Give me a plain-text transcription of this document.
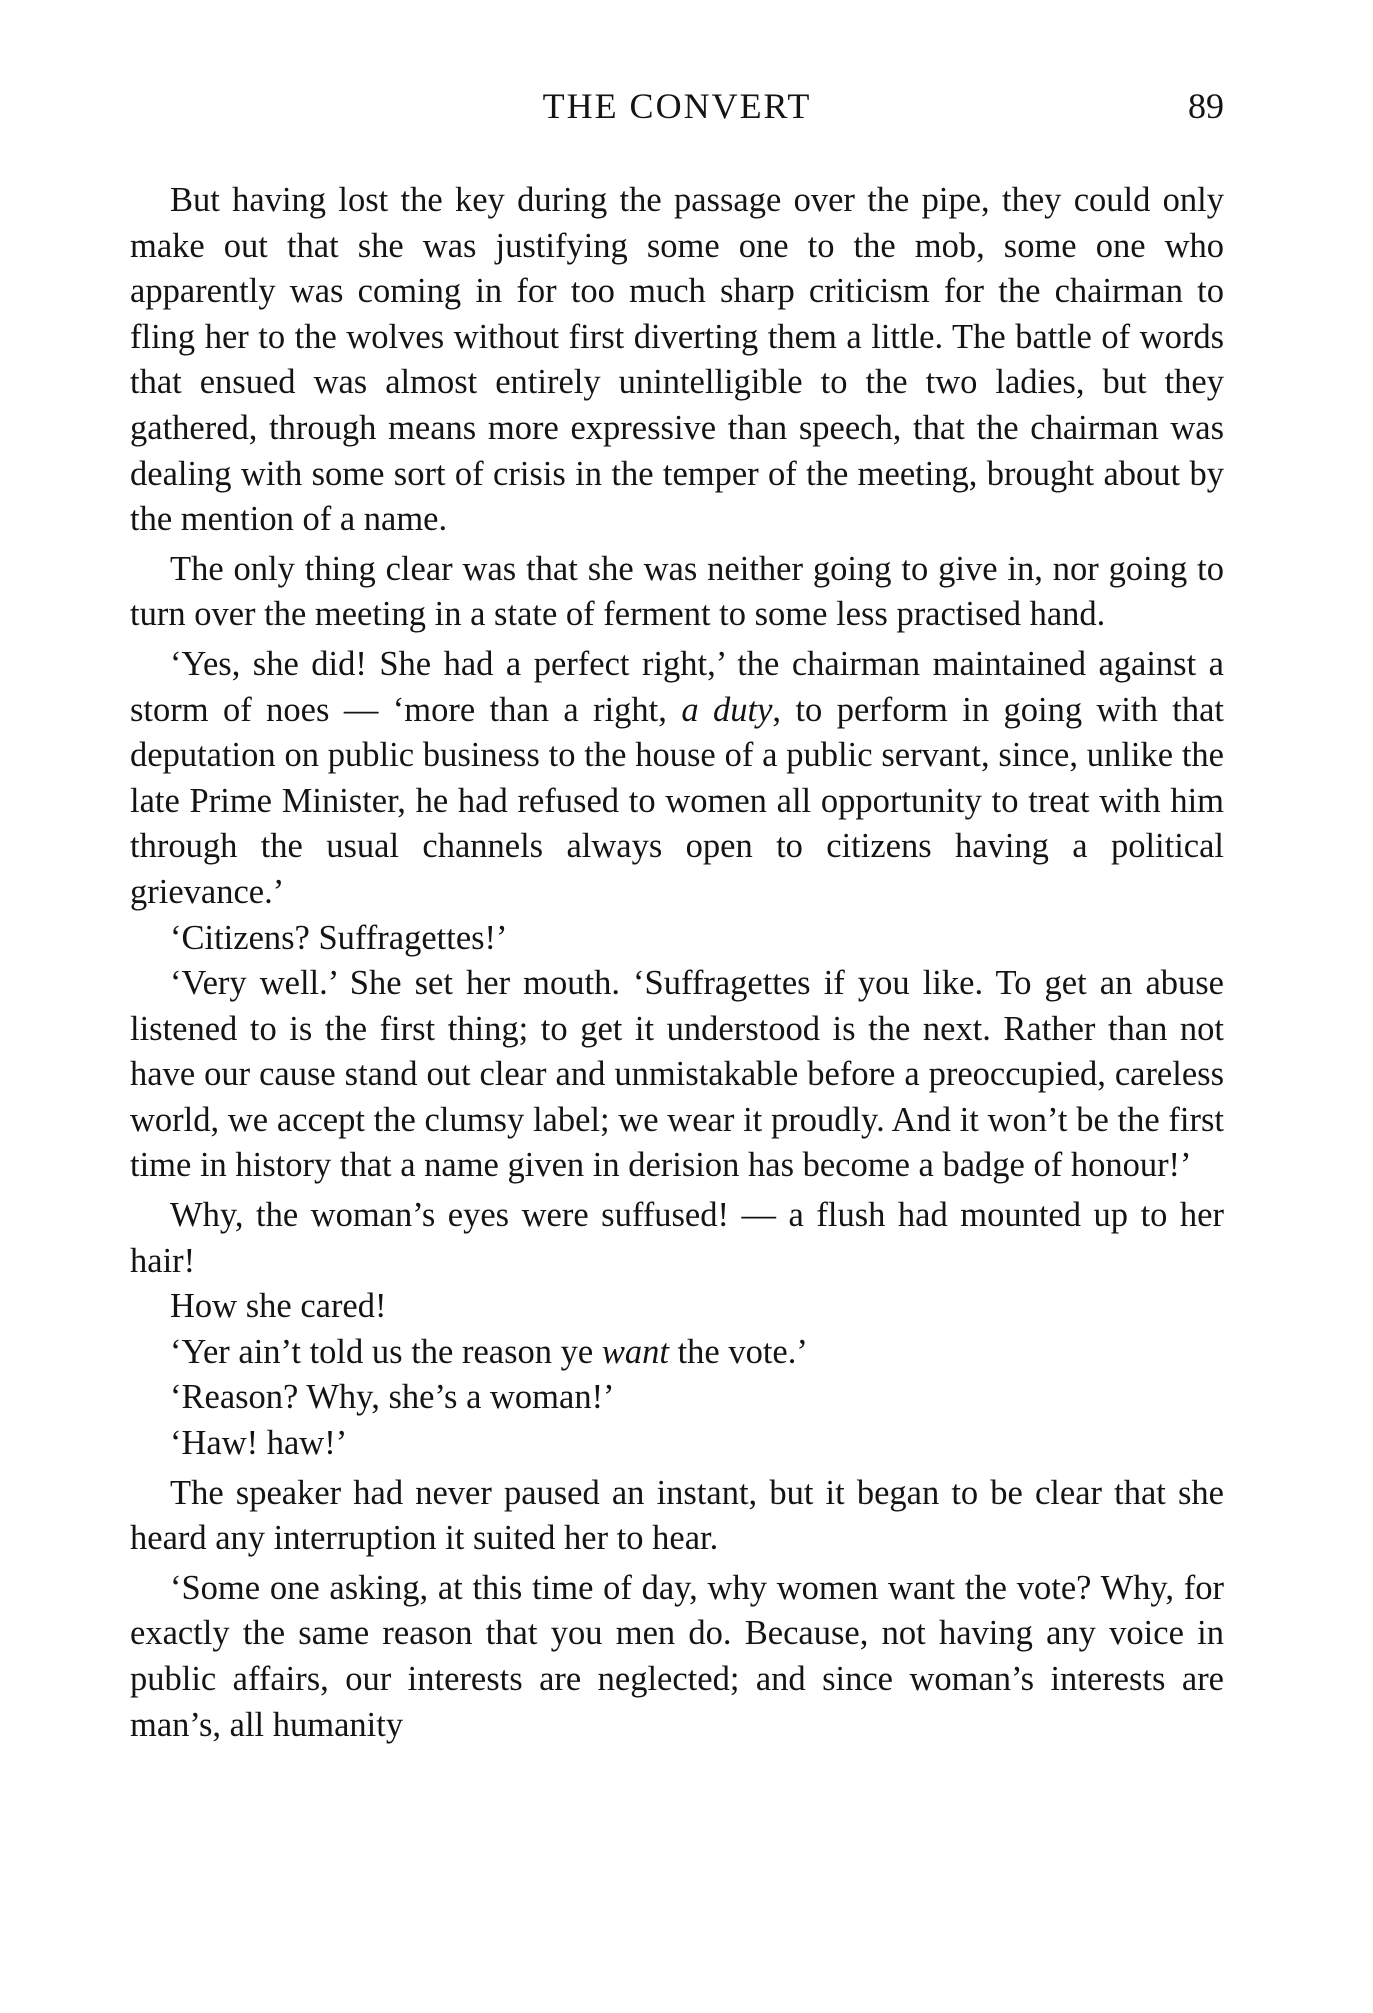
THE CONVERT	89

But having lost the key during the passage over the pipe, they could only make out that she was justifying some one to the mob, some one who apparently was coming in for too much sharp criticism for the chairman to fling her to the wolves without first diverting them a little. The battle of words that ensued was almost entirely unintelligible to the two ladies, but they gathered, through means more expressive than speech, that the chairman was dealing with some sort of crisis in the temper of the meeting, brought about by the mention of a name.

The only thing clear was that she was neither going to give in, nor going to turn over the meeting in a state of ferment to some less practised hand.

‘Yes, she did! She had a perfect right,’ the chairman maintained against a storm of noes — ‘more than a right, a duty, to perform in going with that deputation on public business to the house of a public servant, since, unlike the late Prime Minister, he had refused to women all opportunity to treat with him through the usual channels always open to citizens having a political grievance.’

‘Citizens? Suffragettes!’

‘Very well.’ She set her mouth. ‘Suffragettes if you like. To get an abuse listened to is the first thing; to get it understood is the next. Rather than not have our cause stand out clear and unmistakable before a preoccupied, careless world, we accept the clumsy label; we wear it proudly. And it won’t be the first time in history that a name given in derision has become a badge of honour!’

Why, the woman’s eyes were suffused! — a flush had mounted up to her hair!

How she cared!

‘Yer ain’t told us the reason ye want the vote.’

‘Reason? Why, she’s a woman!’

‘Haw! haw!’

The speaker had never paused an instant, but it began to be clear that she heard any interruption it suited her to hear.

‘Some one asking, at this time of day, why women want the vote? Why, for exactly the same reason that you men do. Because, not having any voice in public affairs, our interests are neglected; and since woman’s interests are man’s, all humanity
